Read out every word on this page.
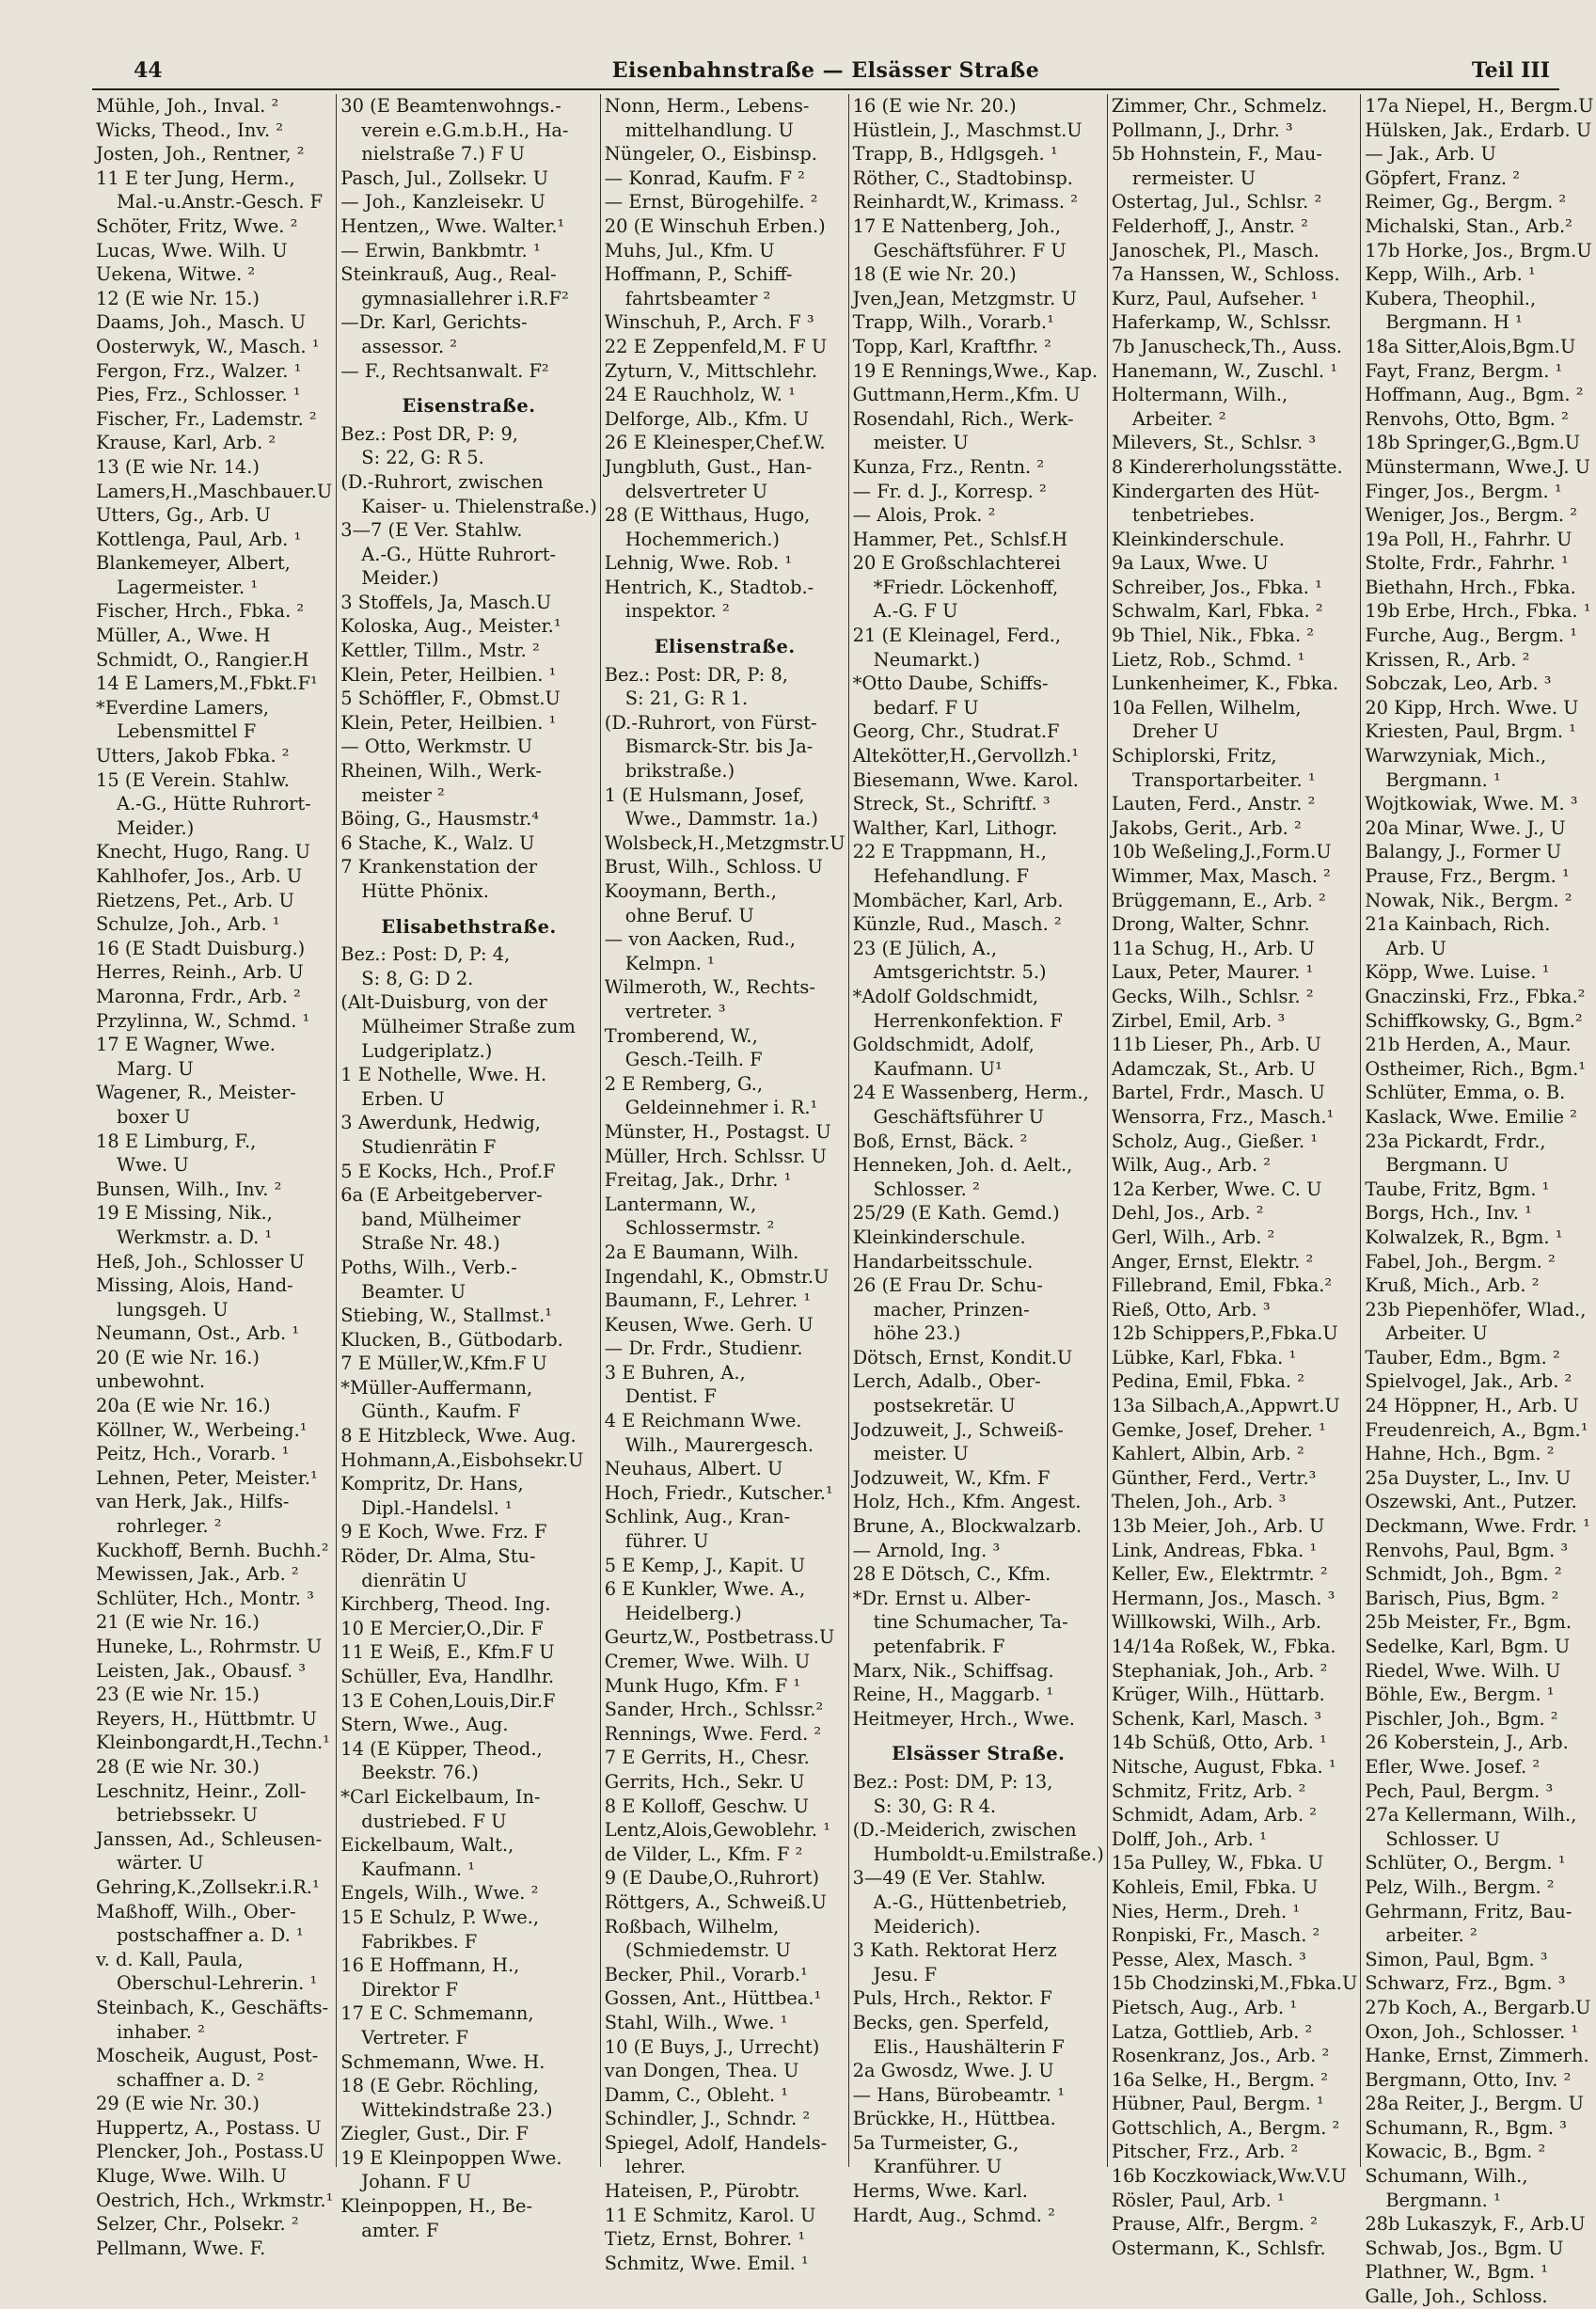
44	Eisenbahnstraße — Elsässer Straße	Teil III
Mühle, Joh., Inval. ²
Wicks, Theod., Inv. ²
Josten, Joh., Rentner, ²
11 E ter Jung, Herm.,
Mal.-u.Anstr.-Gesch. F
Schöter, Fritz, Wwe. ²
Lucas, Wwe. Wilh. U
Uekena, Witwe. ²
12 (E wie Nr. 15.)
Daams, Joh., Masch. U
Oosterwyk, W., Masch. ¹
Fergon, Frz., Walzer. ¹
Pies, Frz., Schlosser. ¹
Fischer, Fr., Lademstr. ²
Krause, Karl, Arb. ²
13 (E wie Nr. 14.)
Lamers,H.,Maschbauer.U
Utters, Gg., Arb. U
Kottlenga, Paul, Arb. ¹
Blankemeyer, Albert,
Lagermeister. ¹
Fischer, Hrch., Fbka. ²
Müller, A., Wwe. H
Schmidt, O., Rangier.H
14 E Lamers,M.,Fbkt.F¹
*Everdine Lamers,
Lebensmittel F
Utters, Jakob Fbka. ²
15 (E Verein. Stahlw.
A.-G., Hütte Ruhrort-
Meider.)
Knecht, Hugo, Rang. U
Kahlhofer, Jos., Arb. U
Rietzens, Pet., Arb. U
Schulze, Joh., Arb. ¹
16 (E Stadt Duisburg.)
Herres, Reinh., Arb. U
Maronna, Frdr., Arb. ²
Przylinna, W., Schmd. ¹
17 E Wagner, Wwe.
Marg. U
Wagener, R., Meister-
boxer U
18 E Limburg, F.,
Wwe. U
Bunsen, Wilh., Inv. ²
19 E Missing, Nik.,
Werkmstr. a. D. ¹
Heß, Joh., Schlosser U
Missing, Alois, Hand-
lungsgeh. U
Neumann, Ost., Arb. ¹
20 (E wie Nr. 16.)
unbewohnt.
20a (E wie Nr. 16.)
Köllner, W., Werbeing.¹
Peitz, Hch., Vorarb. ¹
Lehnen, Peter, Meister.¹
van Herk, Jak., Hilfs-
rohrleger. ²
Kuckhoff, Bernh. Buchh.²
Mewissen, Jak., Arb. ²
Schlüter, Hch., Montr. ³
21 (E wie Nr. 16.)
Huneke, L., Rohrmstr. U
Leisten, Jak., Obausf. ³
23 (E wie Nr. 15.)
Reyers, H., Hüttbmtr. U
Kleinbongardt,H.,Techn.¹
28 (E wie Nr. 30.)
Leschnitz, Heinr., Zoll-
betriebssekr. U
Janssen, Ad., Schleusen-
wärter. U
Gehring,K.,Zollsekr.i.R.¹
Maßhoff, Wilh., Ober-
postschaffner a. D. ¹
v. d. Kall, Paula,
Oberschul-Lehrerin. ¹
Steinbach, K., Geschäfts-
inhaber. ²
Moscheik, August, Post-
schaffner a. D. ²
29 (E wie Nr. 30.)
Huppertz, A., Postass. U
Plencker, Joh., Postass.U
Kluge, Wwe. Wilh. U
Oestrich, Hch., Wrkmstr.¹
Selzer, Chr., Polsekr. ²
Pellmann, Wwe. F.
30 (E Beamtenwohngs.-
verein e.G.m.b.H., Ha-
nielstraße 7.) F U
Pasch, Jul., Zollsekr. U
— Joh., Kanzleisekr. U
Hentzen,, Wwe. Walter.¹
— Erwin, Bankbmtr. ¹
Steinkrauß, Aug., Real-
gymnasiallehrer i.R.F²
—Dr. Karl, Gerichts-
assessor. ²
— F., Rechtsanwalt. F²
Eisenstraße.
Bez.: Post DR, P: 9,
S: 22, G: R 5.
(D.-Ruhrort, zwischen
Kaiser- u. Thielenstraße.)
3—7 (E Ver. Stahlw.
A.-G., Hütte Ruhrort-
Meider.)
3 Stoffels, Ja, Masch.U
Koloska, Aug., Meister.¹
Kettler, Tillm., Mstr. ²
Klein, Peter, Heilbien. ¹
5 Schöffler, F., Obmst.U
Klein, Peter, Heilbien. ¹
— Otto, Werkmstr. U
Rheinen, Wilh., Werk-
meister ²
Böing, G., Hausmstr.⁴
6 Stache, K., Walz. U
7 Krankenstation der
Hütte Phönix.
Elisabethstraße.
Bez.: Post: D, P: 4,
S: 8, G: D 2.
(Alt-Duisburg, von der
Mülheimer Straße zum
Ludgeriplatz.)
1 E Nothelle, Wwe. H.
Erben. U
3 Awerdunk, Hedwig,
Studienrätin F
5 E Kocks, Hch., Prof.F
6a (E Arbeitgeberver-
band, Mülheimer
Straße Nr. 48.)
Poths, Wilh., Verb.-
Beamter. U
Stiebing, W., Stallmst.¹
Klucken, B., Gütbodarb.
7 E Müller,W.,Kfm.F U
*Müller-Auffermann,
Günth., Kaufm. F
8 E Hitzbleck, Wwe. Aug.
Hohmann,A.,Eisbohsekr.U
Kompritz, Dr. Hans,
Dipl.-Handelsl. ¹
9 E Koch, Wwe. Frz. F
Röder, Dr. Alma, Stu-
dienrätin U
Kirchberg, Theod. Ing.
10 E Mercier,O.,Dir. F
11 E Weiß, E., Kfm.F U
Schüller, Eva, Handlhr.
13 E Cohen,Louis,Dir.F
Stern, Wwe., Aug.
14 (E Küpper, Theod.,
Beekstr. 76.)
*Carl Eickelbaum, In-
dustriebed. F U
Eickelbaum, Walt.,
Kaufmann. ¹
Engels, Wilh., Wwe. ²
15 E Schulz, P. Wwe.,
Fabrikbes. F
16 E Hoffmann, H.,
Direktor F
17 E C. Schmemann,
Vertreter. F
Schmemann, Wwe. H.
18 (E Gebr. Röchling,
Wittekindstraße 23.)
Ziegler, Gust., Dir. F
19 E Kleinpoppen Wwe.
Johann. F U
Kleinpoppen, H., Be-
amter. F
Nonn, Herm., Lebens-
mittelhandlung. U
Nüngeler, O., Eisbinsp.
— Konrad, Kaufm. F ²
— Ernst, Bürogehilfe. ²
20 (E Winschuh Erben.)
Muhs, Jul., Kfm. U
Hoffmann, P., Schiff-
fahrtsbeamter ²
Winschuh, P., Arch. F ³
22 E Zeppenfeld,M. F U
Zyturn, V., Mittschlehr.
24 E Rauchholz, W. ¹
Delforge, Alb., Kfm. U
26 E Kleinesper,Chef.W.
Jungbluth, Gust., Han-
delsvertreter U
28 (E Witthaus, Hugo,
Hochemmerich.)
Lehnig, Wwe. Rob. ¹
Hentrich, K., Stadtob.-
inspektor. ²
Elisenstraße.
Bez.: Post: DR, P: 8,
S: 21, G: R 1.
(D.-Ruhrort, von Fürst-
Bismarck-Str. bis Ja-
brikstraße.)
1 (E Hulsmann, Josef,
Wwe., Dammstr. 1a.)
Wolsbeck,H.,Metzgmstr.U
Brust, Wilh., Schloss. U
Kooymann, Berth.,
ohne Beruf. U
— von Aacken, Rud.,
Kelmpn. ¹
Wilmeroth, W., Rechts-
vertreter. ³
Tromberend, W.,
Gesch.-Teilh. F
2 E Remberg, G.,
Geldeinnehmer i. R.¹
Münster, H., Postagst. U
Müller, Hrch. Schlssr. U
Freitag, Jak., Drhr. ¹
Lantermann, W.,
Schlossermstr. ²
2a E Baumann, Wilh.
Ingendahl, K., Obmstr.U
Baumann, F., Lehrer. ¹
Keusen, Wwe. Gerh. U
— Dr. Frdr., Studienr.
3 E Buhren, A.,
Dentist. F
4 E Reichmann Wwe.
Wilh., Maurergesch.
Neuhaus, Albert. U
Hoch, Friedr., Kutscher.¹
Schlink, Aug., Kran-
führer. U
5 E Kemp, J., Kapit. U
6 E Kunkler, Wwe. A.,
Heidelberg.)
Geurtz,W., Postbetrass.U
Cremer, Wwe. Wilh. U
Munk Hugo, Kfm. F ¹
Sander, Hrch., Schlssr.²
Rennings, Wwe. Ferd. ²
7 E Gerrits, H., Chesr.
Gerrits, Hch., Sekr. U
8 E Kolloff, Geschw. U
Lentz,Alois,Gewoblehr. ¹
de Vilder, L., Kfm. F ²
9 (E Daube,O.,Ruhrort)
Röttgers, A., Schweiß.U
Roßbach, Wilhelm,
(Schmiedemstr. U
Becker, Phil., Vorarb.¹
Gossen, Ant., Hüttbea.¹
Stahl, Wilh., Wwe. ¹
10 (E Buys, J., Urrecht)
van Dongen, Thea. U
Damm, C., Obleht. ¹
Schindler, J., Schndr. ²
Spiegel, Adolf, Handels-
lehrer.
Hateisen, P., Pürobtr.
11 E Schmitz, Karol. U
Tietz, Ernst, Bohrer. ¹
Schmitz, Wwe. Emil. ¹
16 (E wie Nr. 20.)
Hüstlein, J., Maschmst.U
Trapp, B., Hdlgsgeh. ¹
Röther, C., Stadtobinsp.
Reinhardt,W., Krimass. ²
17 E Nattenberg, Joh.,
Geschäftsführer. F U
18 (E wie Nr. 20.)
Jven,Jean, Metzgmstr. U
Trapp, Wilh., Vorarb.¹
Topp, Karl, Kraftfhr. ²
19 E Rennings,Wwe., Kap.
Guttmann,Herm.,Kfm. U
Rosendahl, Rich., Werk-
meister. U
Kunza, Frz., Rentn. ²
— Fr. d. J., Korresp. ²
— Alois, Prok. ²
Hammer, Pet., Schlsf.H
20 E Großschlachterei
*Friedr. Löckenhoff,
A.-G. F U
21 (E Kleinagel, Ferd.,
Neumarkt.)
*Otto Daube, Schiffs-
bedarf. F U
Georg, Chr., Studrat.F
Altekötter,H.,Gervollzh.¹
Biesemann, Wwe. Karol.
Streck, St., Schriftf. ³
Walther, Karl, Lithogr.
22 E Trappmann, H.,
Hefehandlung. F
Mombächer, Karl, Arb.
Künzle, Rud., Masch. ²
23 (E Jülich, A.,
Amtsgerichtstr. 5.)
*Adolf Goldschmidt,
Herrenkonfektion. F
Goldschmidt, Adolf,
Kaufmann. U¹
24 E Wassenberg, Herm.,
Geschäftsführer U
Boß, Ernst, Bäck. ²
Henneken, Joh. d. Aelt.,
Schlosser. ²
25/29 (E Kath. Gemd.)
Kleinkinderschule.
Handarbeitsschule.
26 (E Frau Dr. Schu-
macher, Prinzen-
höhe 23.)
Dötsch, Ernst, Kondit.U
Lerch, Adalb., Ober-
postsekretär. U
Jodzuweit, J., Schweiß-
meister. U
Jodzuweit, W., Kfm. F
Holz, Hch., Kfm. Angest.
Brune, A., Blockwalzarb.
— Arnold, Ing. ³
28 E Dötsch, C., Kfm.
*Dr. Ernst u. Alber-
tine Schumacher, Ta-
petenfabrik. F
Marx, Nik., Schiffsag.
Reine, H., Maggarb. ¹
Heitmeyer, Hrch., Wwe.
Elsässer Straße.
Bez.: Post: DM, P: 13,
S: 30, G: R 4.
(D.-Meiderich, zwischen
Humboldt-u.Emilstraße.)
3—49 (E Ver. Stahlw.
A.-G., Hüttenbetrieb,
Meiderich).
3 Kath. Rektorat Herz
Jesu. F
Puls, Hrch., Rektor. F
Becks, gen. Sperfeld,
Elis., Haushälterin F
2a Gwosdz, Wwe. J. U
— Hans, Bürobeamtr. ¹
Brückke, H., Hüttbea.
5a Turmeister, G.,
Kranführer. U
Herms, Wwe. Karl.
Hardt, Aug., Schmd. ²
Zimmer, Chr., Schmelz.
Pollmann, J., Drhr. ³
5b Hohnstein, F., Mau-
rermeister. U
Ostertag, Jul., Schlsr. ²
Felderhoff, J., Anstr. ²
Janoschek, Pl., Masch.
7a Hanssen, W., Schloss.
Kurz, Paul, Aufseher. ¹
Haferkamp, W., Schlssr.
7b Januscheck,Th., Auss.
Hanemann, W., Zuschl. ¹
Holtermann, Wilh.,
Arbeiter. ²
Milevers, St., Schlsr. ³
8 Kindererholungsstätte.
Kindergarten des Hüt-
tenbetriebes.
Kleinkinderschule.
9a Laux, Wwe. U
Schreiber, Jos., Fbka. ¹
Schwalm, Karl, Fbka. ²
9b Thiel, Nik., Fbka. ²
Lietz, Rob., Schmd. ¹
Lunkenheimer, K., Fbka.
10a Fellen, Wilhelm,
Dreher U
Schiplorski, Fritz,
Transportarbeiter. ¹
Lauten, Ferd., Anstr. ²
Jakobs, Gerit., Arb. ²
10b Weßeling,J.,Form.U
Wimmer, Max, Masch. ²
Brüggemann, E., Arb. ²
Drong, Walter, Schnr.
11a Schug, H., Arb. U
Laux, Peter, Maurer. ¹
Gecks, Wilh., Schlsr. ²
Zirbel, Emil, Arb. ³
11b Lieser, Ph., Arb. U
Adamczak, St., Arb. U
Bartel, Frdr., Masch. U
Wensorra, Frz., Masch.¹
Scholz, Aug., Gießer. ¹
Wilk, Aug., Arb. ²
12a Kerber, Wwe. C. U
Dehl, Jos., Arb. ²
Gerl, Wilh., Arb. ²
Anger, Ernst, Elektr. ²
Fillebrand, Emil, Fbka.²
Rieß, Otto, Arb. ³
12b Schippers,P.,Fbka.U
Lübke, Karl, Fbka. ¹
Pedina, Emil, Fbka. ²
13a Silbach,A.,Appwrt.U
Gemke, Josef, Dreher. ¹
Kahlert, Albin, Arb. ²
Günther, Ferd., Vertr.³
Thelen, Joh., Arb. ³
13b Meier, Joh., Arb. U
Link, Andreas, Fbka. ¹
Keller, Ew., Elektrmtr. ²
Hermann, Jos., Masch. ³
Willkowski, Wilh., Arb.
14/14a Roßek, W., Fbka.
Stephaniak, Joh., Arb. ²
Krüger, Wilh., Hüttarb.
Schenk, Karl, Masch. ³
14b Schüß, Otto, Arb. ¹
Nitsche, August, Fbka. ¹
Schmitz, Fritz, Arb. ²
Schmidt, Adam, Arb. ²
Dolff, Joh., Arb. ¹
15a Pulley, W., Fbka. U
Kohleis, Emil, Fbka. U
Nies, Herm., Dreh. ¹
Ronpiski, Fr., Masch. ²
Pesse, Alex, Masch. ³
15b Chodzinski,M.,Fbka.U
Pietsch, Aug., Arb. ¹
Latza, Gottlieb, Arb. ²
Rosenkranz, Jos., Arb. ²
16a Selke, H., Bergm. ²
Hübner, Paul, Bergm. ¹
Gottschlich, A., Bergm. ²
Pitscher, Frz., Arb. ²
16b Koczkowiack,Ww.V.U
Rösler, Paul, Arb. ¹
Prause, Alfr., Bergm. ²
Ostermann, K., Schlsfr.
17a Niepel, H., Bergm.U
Hülsken, Jak., Erdarb. U
— Jak., Arb. U
Göpfert, Franz. ²
Reimer, Gg., Bergm. ²
Michalski, Stan., Arb.²
17b Horke, Jos., Brgm.U
Kepp, Wilh., Arb. ¹
Kubera, Theophil.,
Bergmann. H ¹
18a Sitter,Alois,Bgm.U
Fayt, Franz, Bergm. ¹
Hoffmann, Aug., Bgm. ²
Renvohs, Otto, Bgm. ²
18b Springer,G.,Bgm.U
Münstermann, Wwe.J. U
Finger, Jos., Bergm. ¹
Weniger, Jos., Bergm. ²
19a Poll, H., Fahrhr. U
Stolte, Frdr., Fahrhr. ¹
Biethahn, Hrch., Fbka.
19b Erbe, Hrch., Fbka. ¹
Furche, Aug., Bergm. ¹
Krissen, R., Arb. ²
Sobczak, Leo, Arb. ³
20 Kipp, Hrch. Wwe. U
Kriesten, Paul, Brgm. ¹
Warwzyniak, Mich.,
Bergmann. ¹
Wojtkowiak, Wwe. M. ³
20a Minar, Wwe. J., U
Balangy, J., Former U
Prause, Frz., Bergm. ¹
Nowak, Nik., Bergm. ²
21a Kainbach, Rich.
Arb. U
Köpp, Wwe. Luise. ¹
Gnaczinski, Frz., Fbka.²
Schiffkowsky, G., Bgm.²
21b Herden, A., Maur.
Ostheimer, Rich., Bgm.¹
Schlüter, Emma, o. B.
Kaslack, Wwe. Emilie ²
23a Pickardt, Frdr.,
Bergmann. U
Taube, Fritz, Bgm. ¹
Borgs, Hch., Inv. ¹
Kolwalzek, R., Bgm. ¹
Fabel, Joh., Bergm. ²
Kruß, Mich., Arb. ²
23b Piepenhöfer, Wlad.,
Arbeiter. U
Tauber, Edm., Bgm. ²
Spielvogel, Jak., Arb. ²
24 Höppner, H., Arb. U
Freudenreich, A., Bgm.¹
Hahne, Hch., Bgm. ²
25a Duyster, L., Inv. U
Oszewski, Ant., Putzer.
Deckmann, Wwe. Frdr. ¹
Renvohs, Paul, Bgm. ³
Schmidt, Joh., Bgm. ²
Barisch, Pius, Bgm. ²
25b Meister, Fr., Bgm.
Sedelke, Karl, Bgm. U
Riedel, Wwe. Wilh. U
Böhle, Ew., Bergm. ¹
Pischler, Joh., Bgm. ²
26 Koberstein, J., Arb.
Efler, Wwe. Josef. ²
Pech, Paul, Bergm. ³
27a Kellermann, Wilh.,
Schlosser. U
Schlüter, O., Bergm. ¹
Pelz, Wilh., Bergm. ²
Gehrmann, Fritz, Bau-
arbeiter. ²
Simon, Paul, Bgm. ³
Schwarz, Frz., Bgm. ³
27b Koch, A., Bergarb.U
Oxon, Joh., Schlosser. ¹
Hanke, Ernst, Zimmerh.
Bergmann, Otto, Inv. ²
28a Reiter, J., Bergm. U
Schumann, R., Bgm. ³
Kowacic, B., Bgm. ²
Schumann, Wilh.,
Bergmann. ¹
28b Lukaszyk, F., Arb.U
Schwab, Jos., Bgm. U
Plathner, W., Bgm. ¹
Galle, Joh., Schloss.
